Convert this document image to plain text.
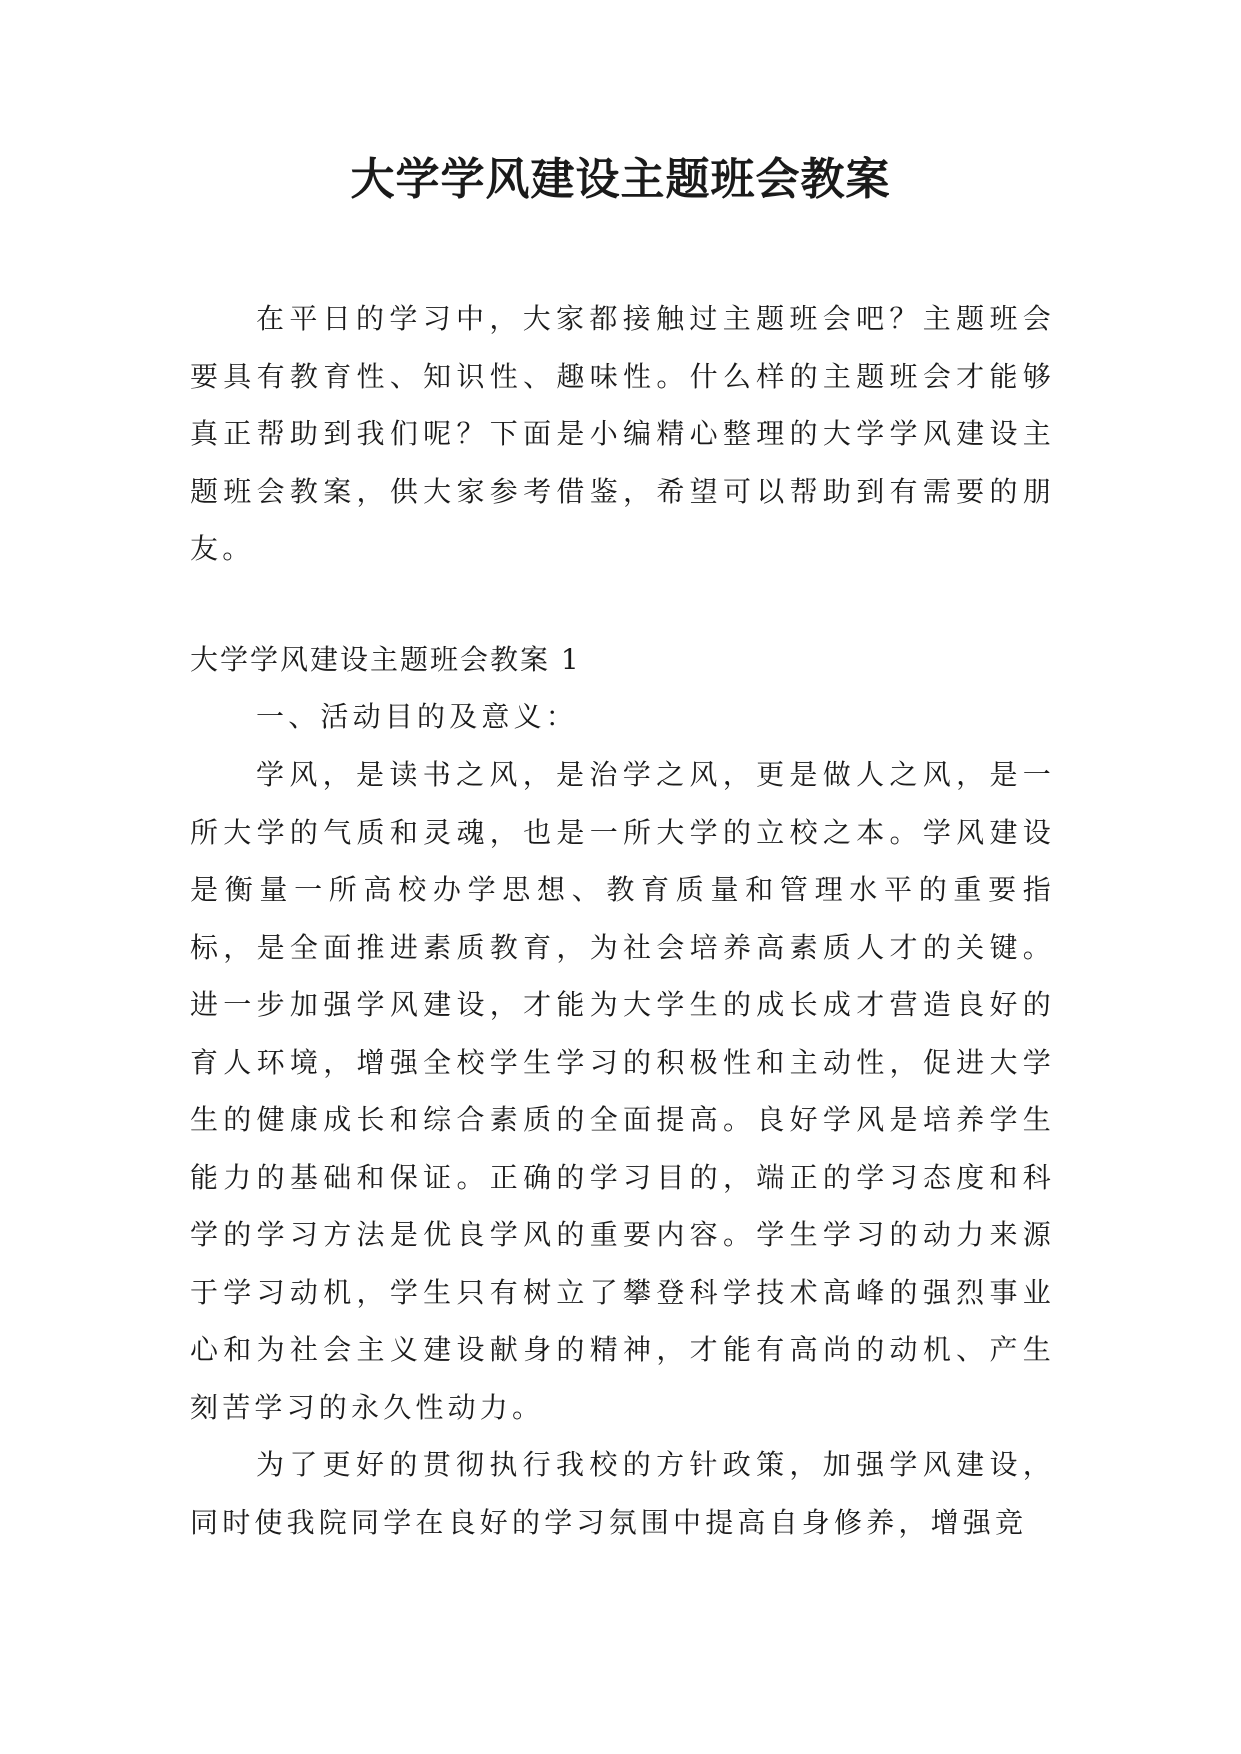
大学学风建设主题班会教案

在平日的学习中，大家都接触过主题班会吧？主题班会要具有教育性、知识性、趣味性。什么样的主题班会才能够真正帮助到我们呢？下面是小编精心整理的大学学风建设主题班会教案，供大家参考借鉴，希望可以帮助到有需要的朋友。

大学学风建设主题班会教案 1

一、活动目的及意义：

学风，是读书之风，是治学之风，更是做人之风，是一所大学的气质和灵魂，也是一所大学的立校之本。学风建设是衡量一所高校办学思想、教育质量和管理水平的重要指标，是全面推进素质教育，为社会培养高素质人才的关键。进一步加强学风建设，才能为大学生的成长成才营造良好的育人环境，增强全校学生学习的积极性和主动性，促进大学生的健康成长和综合素质的全面提高。良好学风是培养学生能力的基础和保证。正确的学习目的，端正的学习态度和科学的学习方法是优良学风的重要内容。学生学习的动力来源于学习动机，学生只有树立了攀登科学技术高峰的强烈事业心和为社会主义建设献身的精神，才能有高尚的动机、产生刻苦学习的永久性动力。

为了更好的贯彻执行我校的方针政策，加强学风建设，同时使我院同学在良好的学习氛围中提高自身修养，增强竞
